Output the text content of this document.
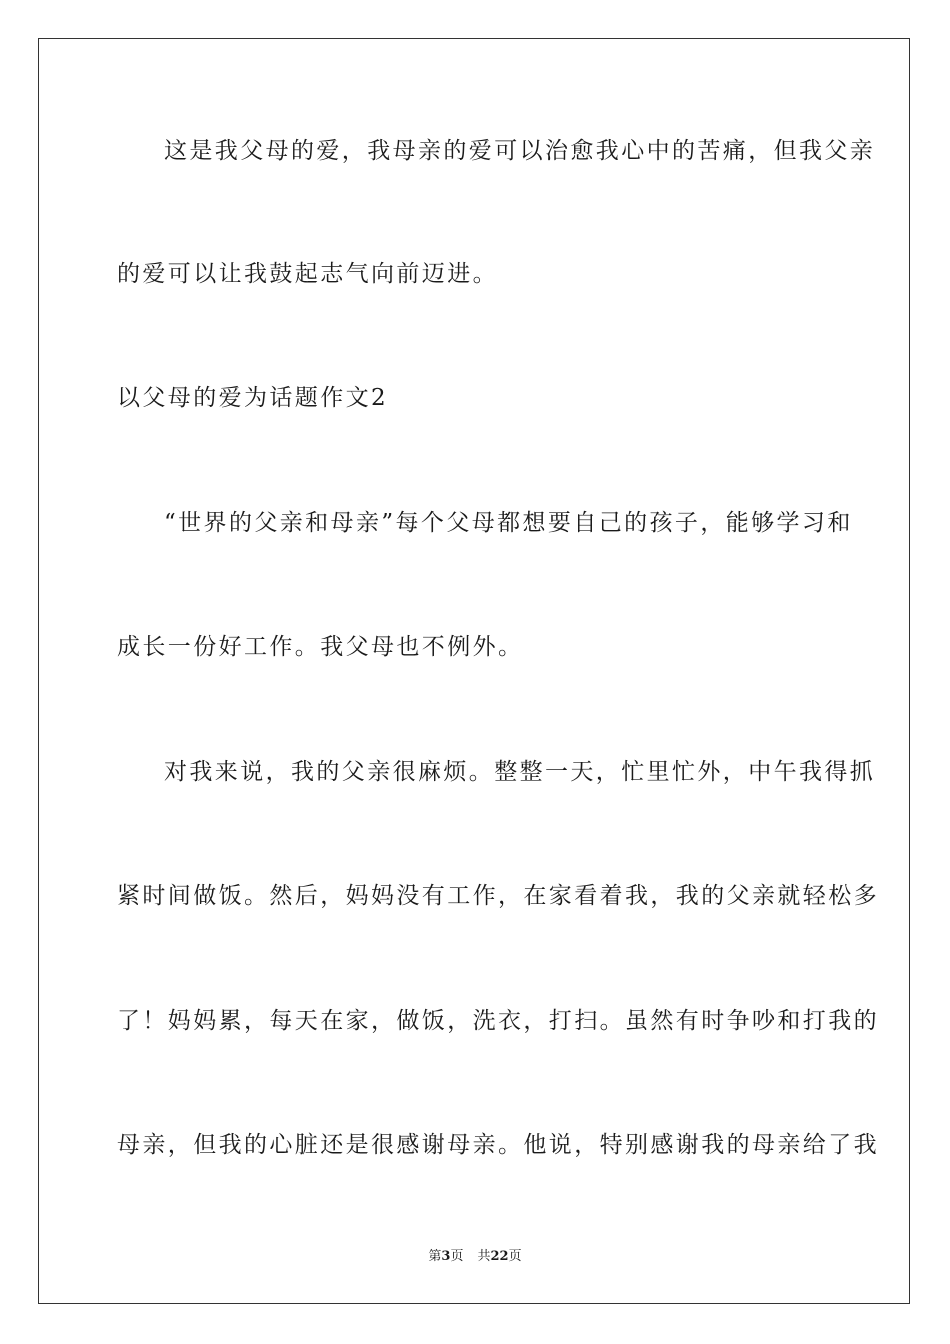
这是我父母的爱，我母亲的爱可以治愈我心中的苦痛，但我父亲
的爱可以让我鼓起志气向前迈进。
以父母的爱为话题作文2
“世界的父亲和母亲”每个父母都想要自己的孩子，能够学习和
成长一份好工作。我父母也不例外。
对我来说，我的父亲很麻烦。整整一天，忙里忙外，中午我得抓
紧时间做饭。然后，妈妈没有工作，在家看着我，我的父亲就轻松多
了！妈妈累，每天在家，做饭，洗衣，打扫。虽然有时争吵和打我的
母亲，但我的心脏还是很感谢母亲。他说，特别感谢我的母亲给了我
第3页 共22页
